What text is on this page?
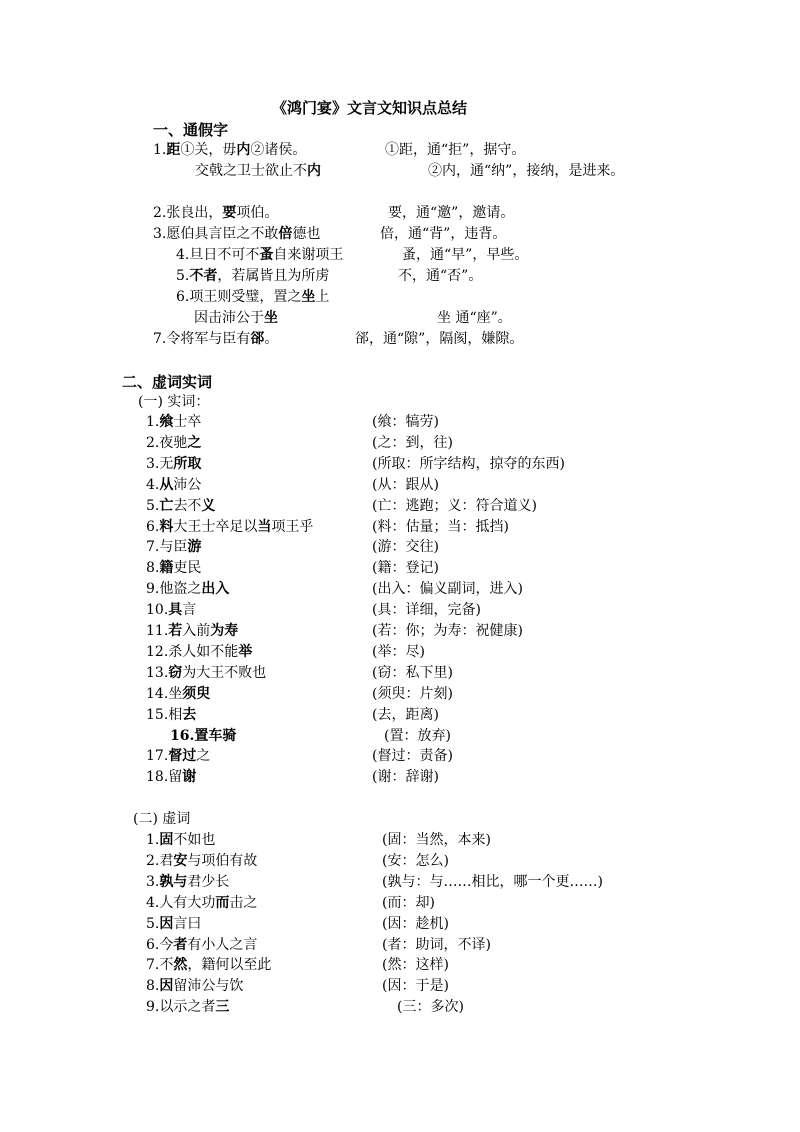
《鸿门宴》文言文知识点总结
一、通假字
1.距①关，毋内②诸侯。	①距，通“拒”，据守。
交戟之卫士欲止不内	②内，通“纳”，接纳，是进来。
2.张良出，要项伯。	要，通“邀”，邀请。
3.愿伯具言臣之不敢倍德也	倍，通“背”，违背。
4.旦日不可不蚤自来谢项王	蚤，通“早”，早些。
5.不者，若属皆且为所虏	不，通“否”。
6.项王则受璧，置之坐上
因击沛公于坐	坐 通“座”。
7.令将军与臣有郤。	郤，通“隙”，隔阂，嫌隙。
二、虚词实词
(一) 实词：
1.飨士卒	(飨：犒劳)
2.夜驰之	(之：到，往)
3.无所取	(所取：所字结构，掠夺的东西)
4.从沛公	(从：跟从)
5.亡去不义	(亡：逃跑；义：符合道义)
6.料大王士卒足以当项王乎	(料：估量；当：抵挡)
7.与臣游	(游：交往)
8.籍吏民	(籍：登记)
9.他盗之出入	(出入：偏义副词，进入)
10.具言	(具：详细，完备)
11.若入前为寿	(若：你；为寿：祝健康)
12.杀人如不能举	(举：尽)
13.窃为大王不败也	(窃：私下里)
14.坐须臾	(须臾：片刻)
15.相去	(去，距离)
16.置车骑	(置：放弃)
17.督过之	(督过：责备)
18.留谢	(谢：辞谢)
(二) 虚词
1.固不如也	(固：当然，本来)
2.君安与项伯有故	(安：怎么)
3.孰与君少长	(孰与：与……相比，哪一个更……)
4.人有大功而击之	(而：却)
5.因言曰	(因：趁机)
6.今者有小人之言	(者：助词，不译)
7.不然，籍何以至此	(然：这样)
8.因留沛公与饮	(因：于是)
9.以示之者三	(三：多次)
